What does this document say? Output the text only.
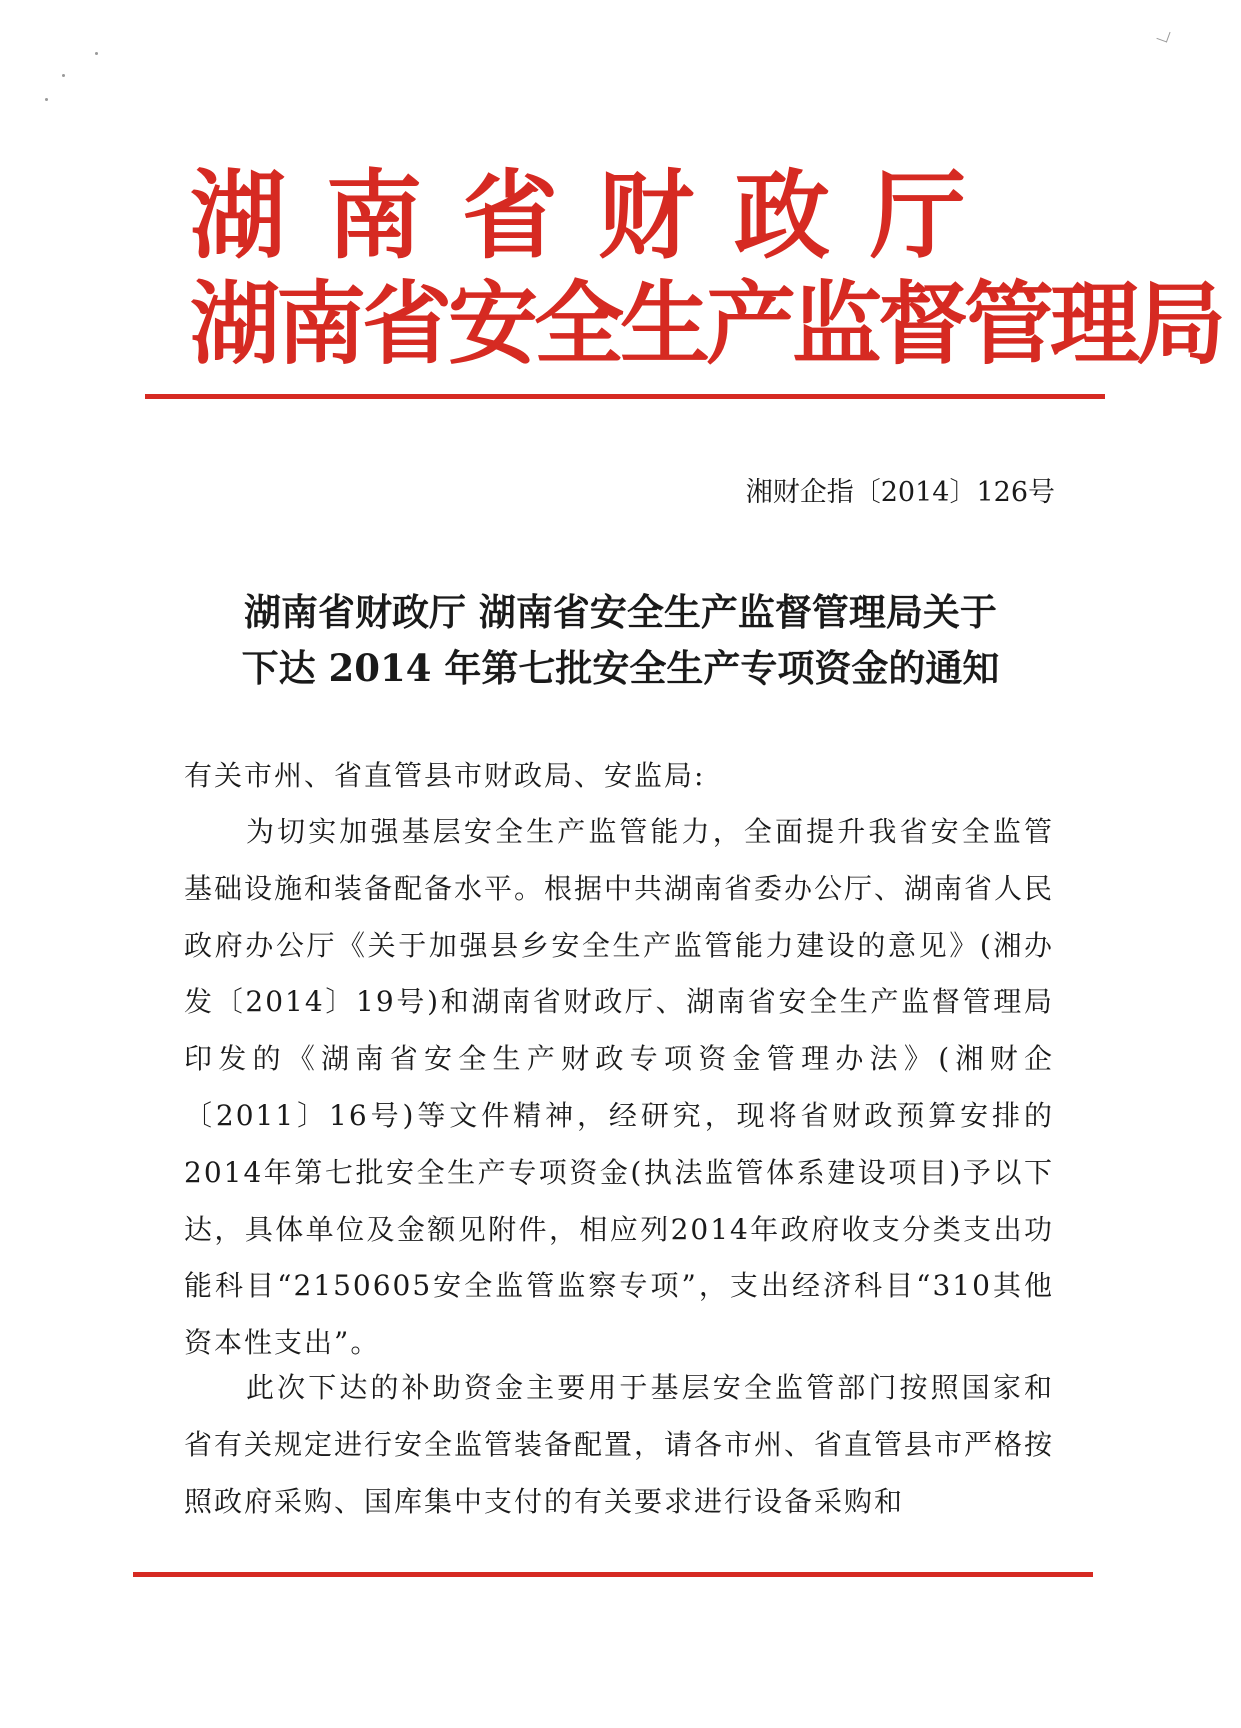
湖南省财政厅
湖南省安全生产监督管理局
湘财企指〔2014〕126号
湖南省财政厅 湖南省安全生产监督管理局关于
下达 2014 年第七批安全生产专项资金的通知
有关市州、省直管县市财政局、安监局:
为切实加强基层安全生产监管能力，全面提升我省安全监管基础设施和装备配备水平。根据中共湖南省委办公厅、湖南省人民政府办公厅《关于加强县乡安全生产监管能力建设的意见》(湘办发〔2014〕19号)和湖南省财政厅、湖南省安全生产监督管理局印发的《湖南省安全生产财政专项资金管理办法》(湘财企〔2011〕16号)等文件精神，经研究，现将省财政预算安排的2014年第七批安全生产专项资金(执法监管体系建设项目)予以下达，具体单位及金额见附件，相应列2014年政府收支分类支出功能科目“2150605安全监管监察专项”，支出经济科目“310其他资本性支出”。
此次下达的补助资金主要用于基层安全监管部门按照国家和省有关规定进行安全监管装备配置，请各市州、省直管县市严格按照政府采购、国库集中支付的有关要求进行设备采购和
